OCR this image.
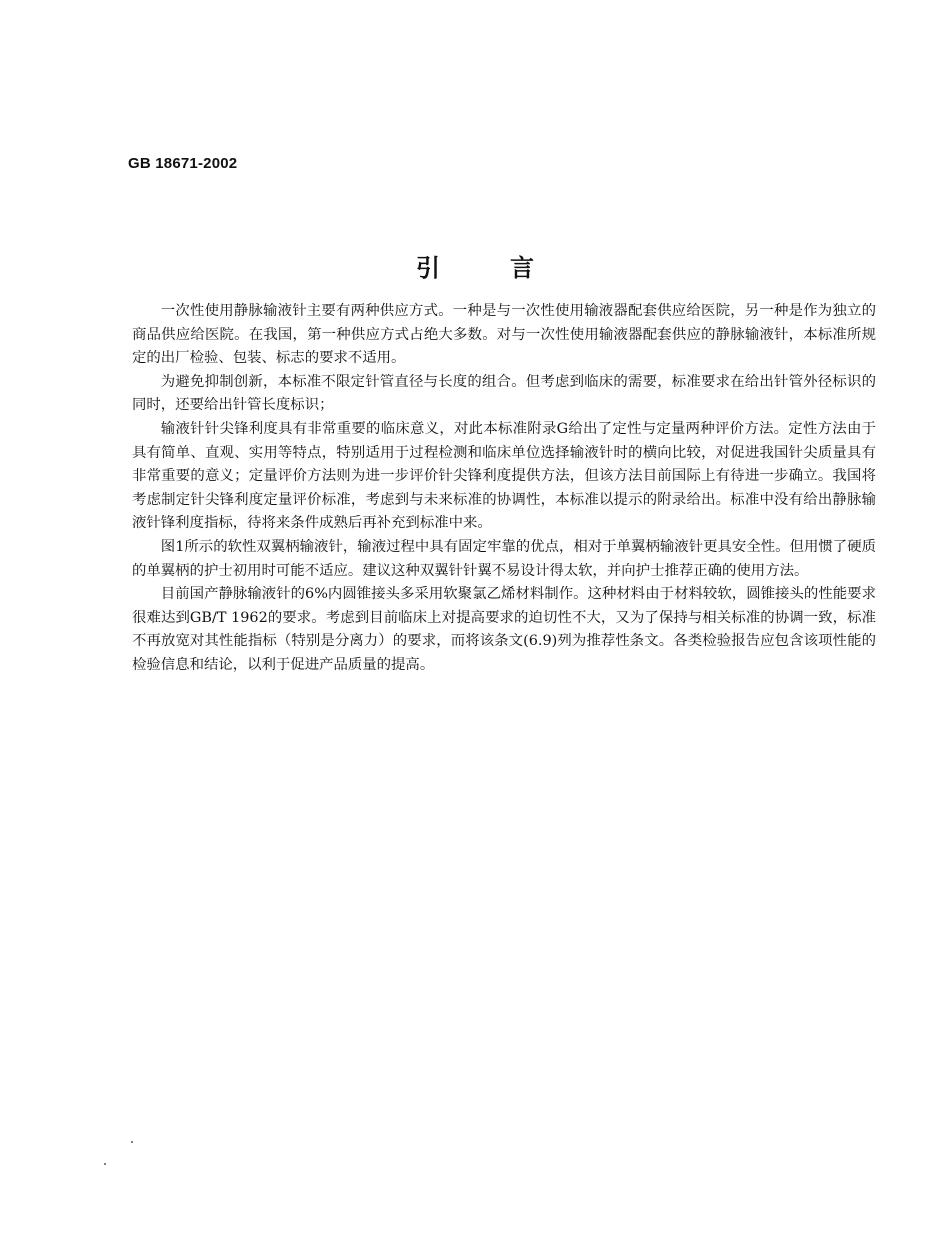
GB 18671-2002
引言

一次性使用静脉输液针主要有两种供应方式。一种是与一次性使用输液器配套供应给医院，另一种是作为独立的商品供应给医院。在我国，第一种供应方式占绝大多数。对与一次性使用输液器配套供应的静脉输液针，本标准所规定的出厂检验、包装、标志的要求不适用。

为避免抑制创新，本标准不限定针管直径与长度的组合。但考虑到临床的需要，标准要求在给出针管外径标识的同时，还要给出针管长度标识；

输液针针尖锋利度具有非常重要的临床意义，对此本标准附录G给出了定性与定量两种评价方法。定性方法由于具有简单、直观、实用等特点，特别适用于过程检测和临床单位选择输液针时的横向比较，对促进我国针尖质量具有非常重要的意义；定量评价方法则为进一步评价针尖锋利度提供方法，但该方法目前国际上有待进一步确立。我国将考虑制定针尖锋利度定量评价标准，考虑到与未来标准的协调性，本标准以提示的附录给出。标准中没有给出静脉输液针锋利度指标，待将来条件成熟后再补充到标准中来。

图1所示的软性双翼柄输液针，输液过程中具有固定牢靠的优点，相对于单翼柄输液针更具安全性。但用惯了硬质的单翼柄的护士初用时可能不适应。建议这种双翼针针翼不易设计得太软，并向护士推荐正确的使用方法。

目前国产静脉输液针的6%内圆锥接头多采用软聚氯乙烯材料制作。这种材料由于材料较软，圆锥接头的性能要求很难达到GB/T 1962的要求。考虑到目前临床上对提高要求的迫切性不大，又为了保持与相关标准的协调一致，标准不再放宽对其性能指标（特别是分离力）的要求，而将该条文(6.9)列为推荐性条文。各类检验报告应包含该项性能的检验信息和结论，以利于促进产品质量的提高。
